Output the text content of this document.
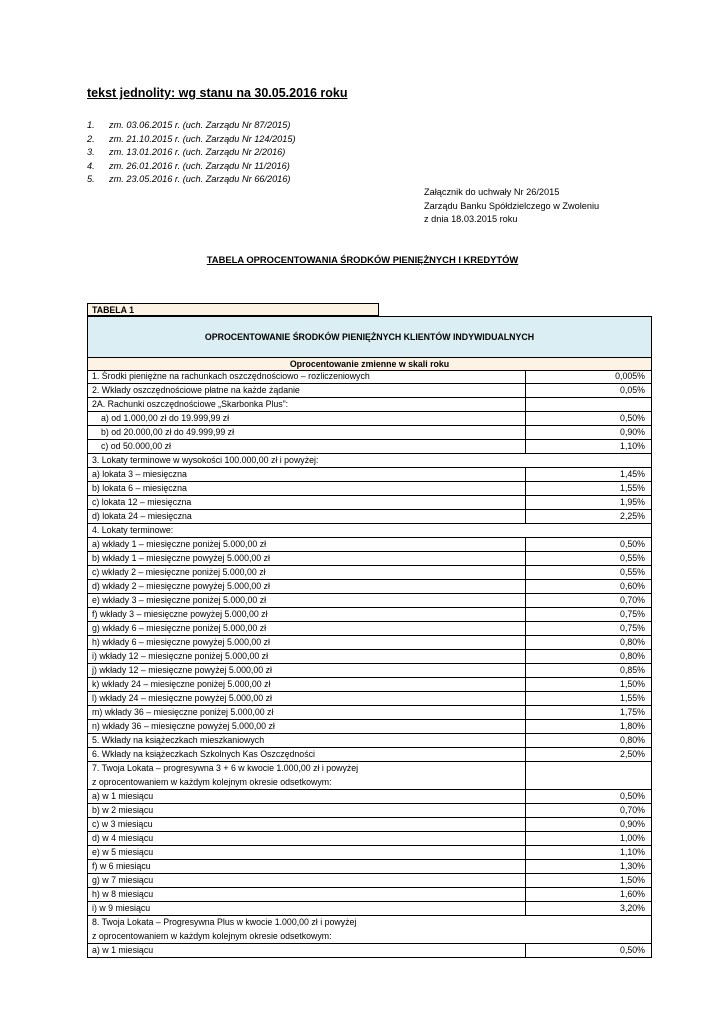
tekst jednolity: wg stanu na 30.05.2016 roku
1. zm. 03.06.2015 r. (uch. Zarządu Nr 87/2015)
2. zm. 21.10.2015 r. (uch. Zarządu Nr 124/2015)
3. zm. 13.01.2016 r. (uch. Zarządu Nr 2/2016)
4. zm. 26.01.2016 r. (uch. Zarządu Nr 11/2016)
5. zm. 23.05.2016 r. (uch. Zarządu Nr 66/2016)
Załącznik do uchwały Nr 26/2015
Zarządu Banku Spółdzielczego w Zwoleniu
z dnia 18.03.2015 roku
TABELA OPROCENTOWANIA ŚRODKÓW PIENIĘŻNYCH I KREDYTÓW
TABELA 1
OPROCENTOWANIE ŚRODKÓW PIENIĘŻNYCH KLIENTÓW INDYWIDUALNYCH
Oprocentowanie zmienne w skali roku
1. Środki pieniężne na rachunkach oszczędnościowo – rozliczeniowych	0,005%
2. Wkłady oszczędnościowe płatne na każde żądanie	0,05%
2A. Rachunki oszczędnościowe „Skarbonka Plus”:
a) od 1.000,00 zł do 19.999,99 zł	0,50%
b) od 20.000,00 zł do 49.999,99 zł	0,90%
c) od 50.000,00 zł	1,10%
3. Lokaty terminowe w wysokości 100.000,00 zł i powyżej:
a) lokata 3 – miesięczna	1,45%
b) lokata 6 – miesięczna	1,55%
c) lokata 12 – miesięczna	1,95%
d) lokata 24 – miesięczna	2,25%
4. Lokaty terminowe:
a) wkłady 1 – miesięczne poniżej 5.000,00 zł	0,50%
b) wkłady 1 – miesięczne powyżej 5.000,00 zł	0,55%
c) wkłady 2 – miesięczne poniżej 5.000,00 zł	0,55%
d) wkłady 2 – miesięczne powyżej 5.000,00 zł	0,60%
e) wkłady 3 – miesięczne poniżej 5.000,00 zł	0,70%
f) wkłady 3 – miesięczne powyżej 5.000,00 zł	0,75%
g) wkłady 6 – miesięczne poniżej 5.000,00 zł	0,75%
h) wkłady 6 – miesięczne powyżej 5.000,00 zł	0,80%
i) wkłady 12 – miesięczne poniżej 5.000,00 zł	0,80%
j) wkłady 12 – miesięczne powyżej 5.000,00 zł	0,85%
k) wkłady 24 – miesięczne poniżej 5.000,00 zł	1,50%
l) wkłady 24 – miesięczne powyżej 5.000,00 zł	1,55%
m) wkłady 36 – miesięczne poniżej 5.000,00 zł	1,75%
n) wkłady 36 – miesięczne powyżej 5.000,00 zł	1,80%
5. Wkłady na książeczkach mieszkaniowych	0,80%
6. Wkłady na książeczkach Szkolnych Kas Oszczędności	2,50%
7. Twoja Lokata – progresywna 3 + 6 w kwocie 1.000,00 zł i powyżej
z oprocentowaniem w każdym kolejnym okresie odsetkowym:
a) w 1 miesiącu	0,50%
b) w 2 miesiącu	0,70%
c) w 3 miesiącu	0,90%
d) w 4 miesiącu	1,00%
e) w 5 miesiącu	1,10%
f) w 6 miesiącu	1,30%
g) w 7 miesiącu	1,50%
h) w 8 miesiącu	1,60%
i) w 9 miesiącu	3,20%
8. Twoja Lokata – Progresywna Plus w kwocie 1.000,00 zł i powyżej
z oprocentowaniem w każdym kolejnym okresie odsetkowym:
a) w 1 miesiącu	0,50%
